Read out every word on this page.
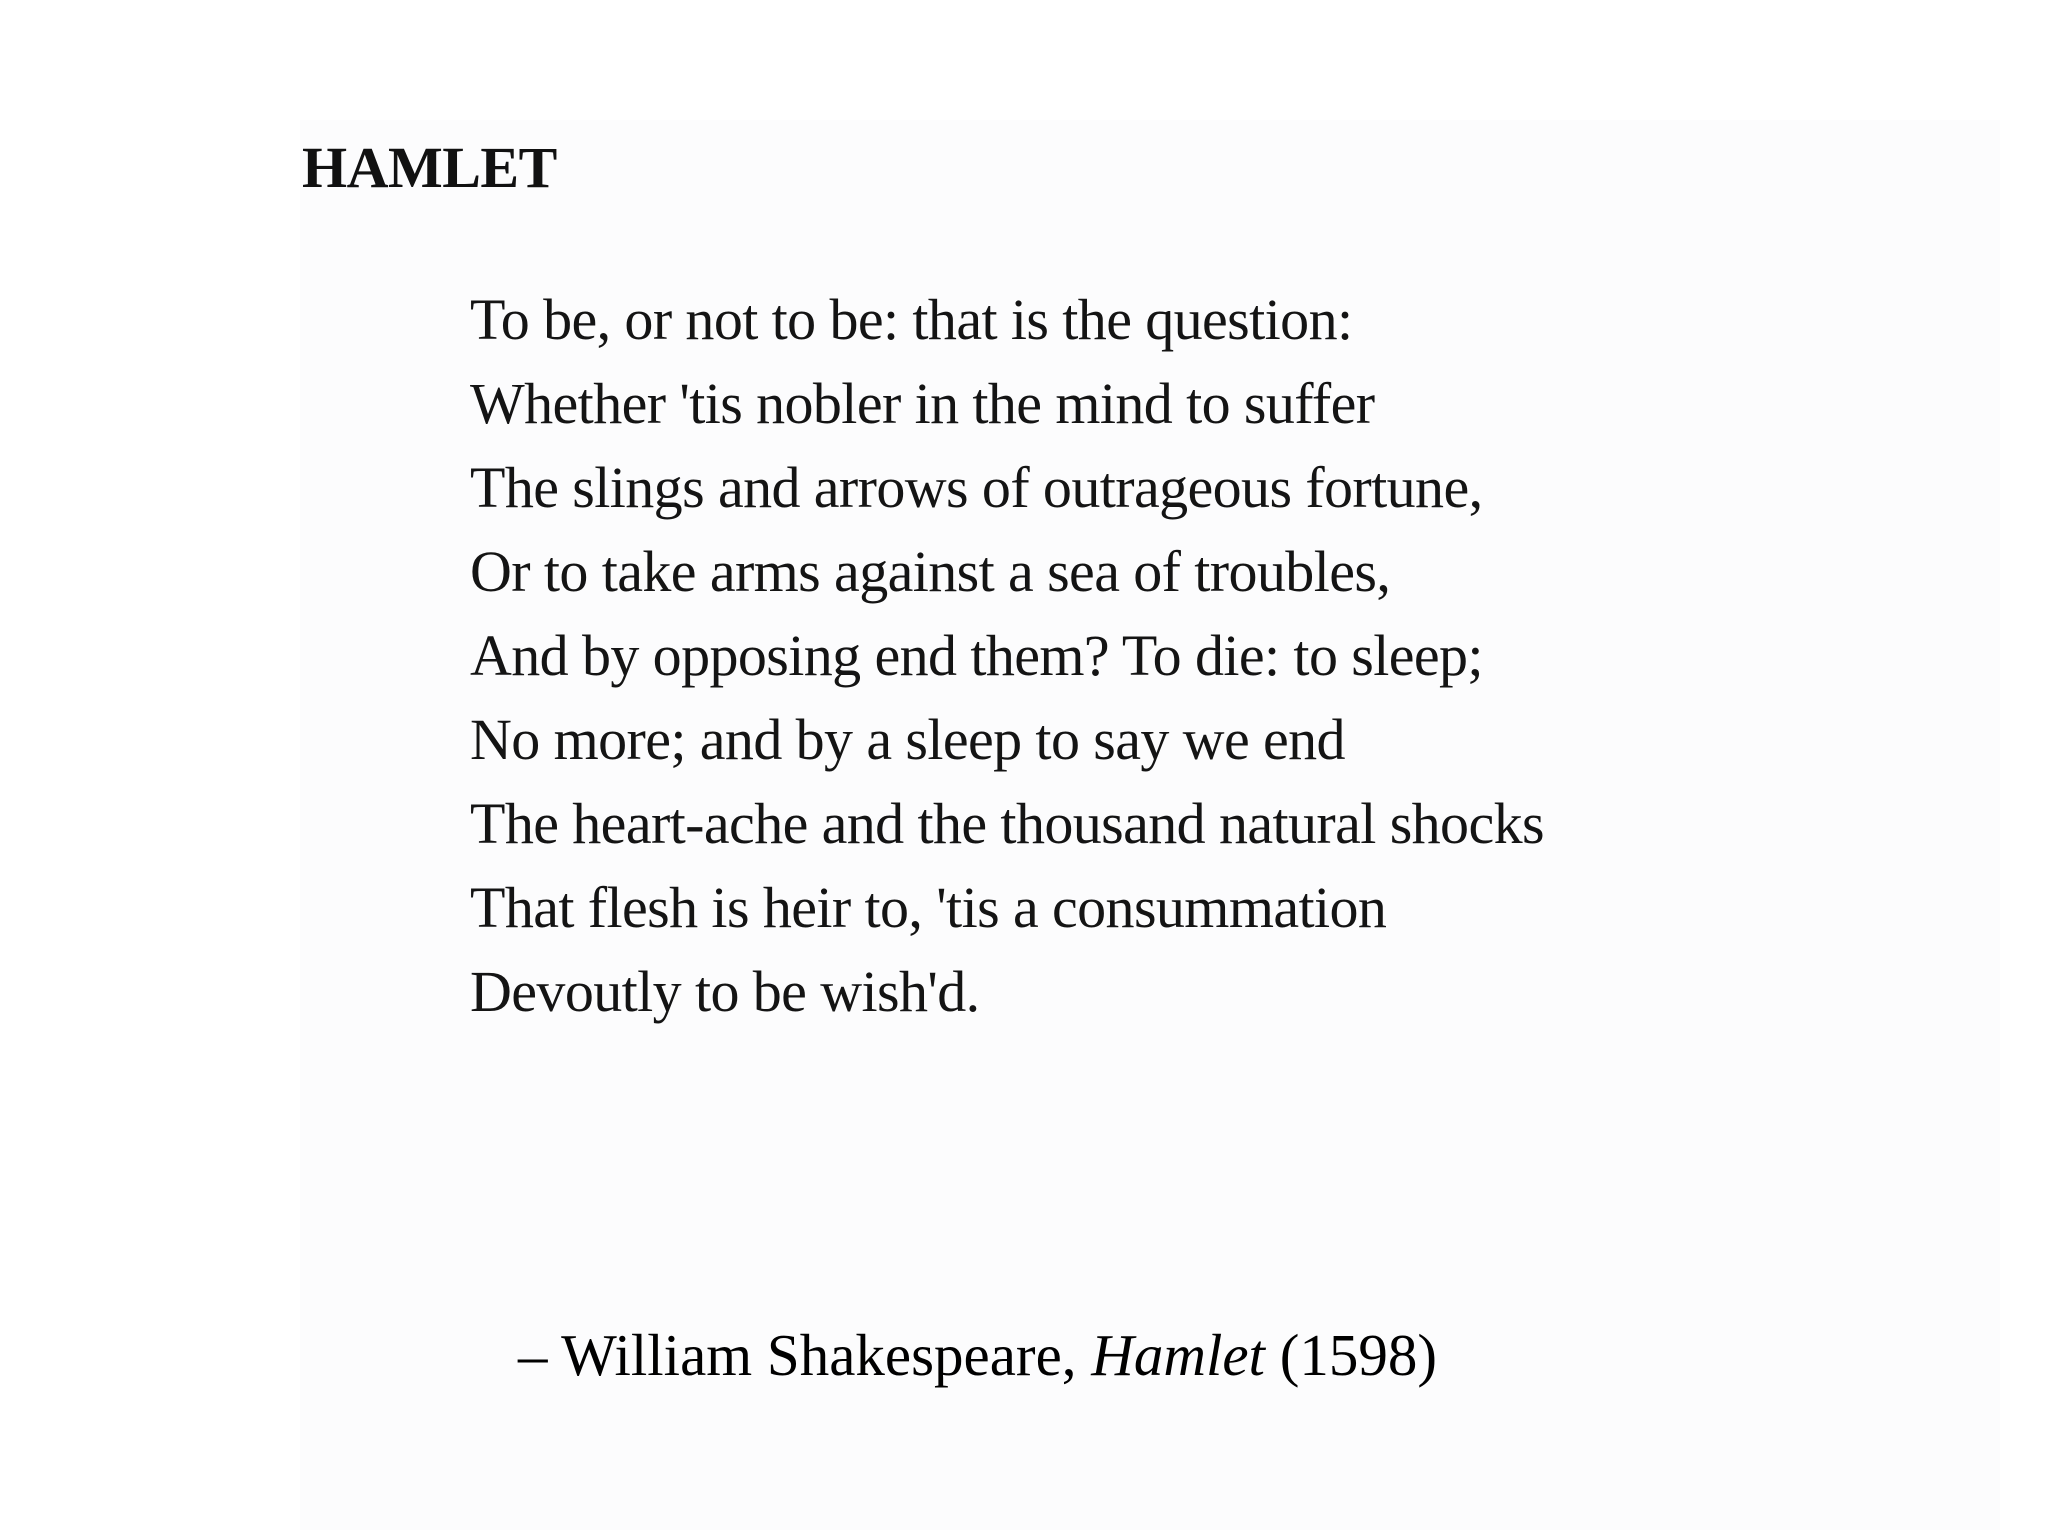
HAMLET
To be, or not to be: that is the question:
Whether 'tis nobler in the mind to suffer
The slings and arrows of outrageous fortune,
Or to take arms against a sea of troubles,
And by opposing end them? To die: to sleep;
No more; and by a sleep to say we end
The heart-ache and the thousand natural shocks
That flesh is heir to, 'tis a consummation
Devoutly to be wish'd.
– William Shakespeare, Hamlet (1598)
